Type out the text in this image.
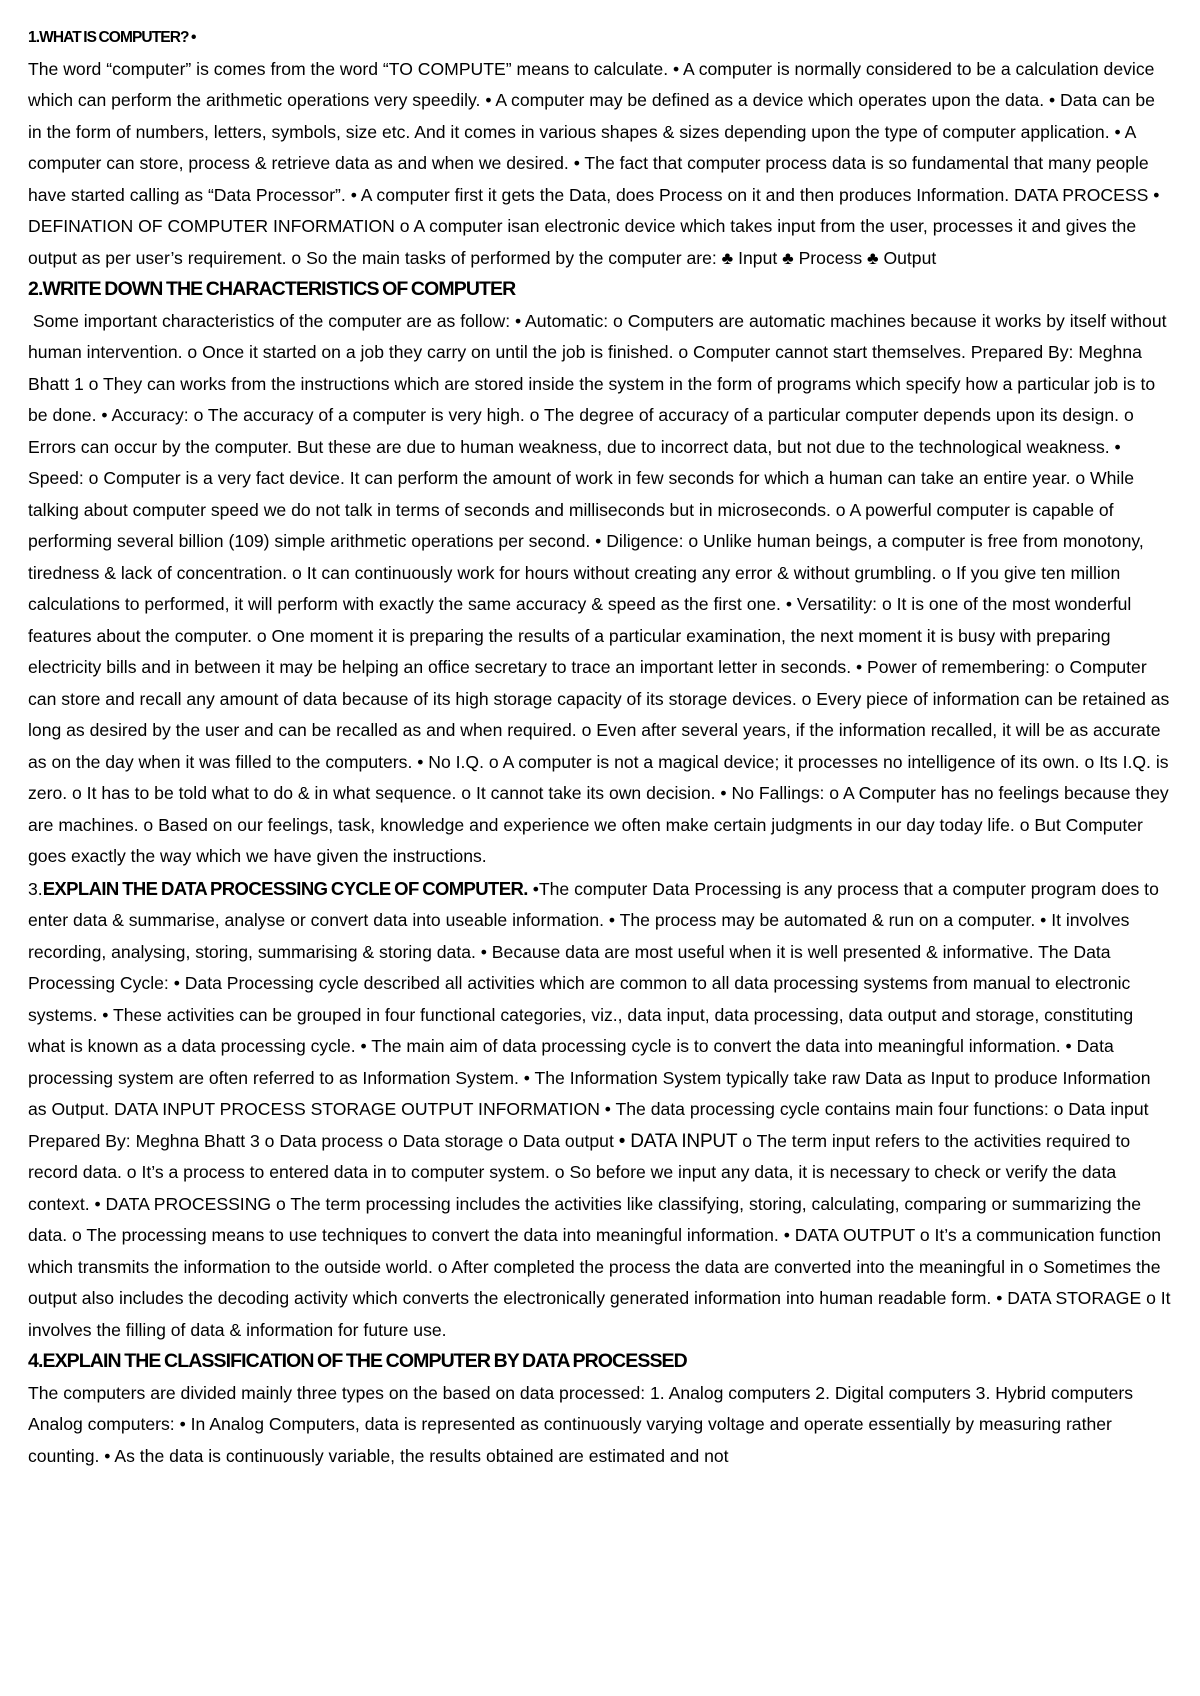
1.WHAT IS COMPUTER? •

The word “computer” is comes from the word “TO COMPUTE” means to calculate. • A computer is normally considered to be a calculation device which can perform the arithmetic operations very speedily. • A computer may be defined as a device which operates upon the data. • Data can be in the form of numbers, letters, symbols, size etc. And it comes in various shapes & sizes depending upon the type of computer application. • A computer can store, process & retrieve data as and when we desired. • The fact that computer process data is so fundamental that many people have started calling as “Data Processor”. • A computer first it gets the Data, does Process on it and then produces Information. DATA PROCESS • DEFINATION OF COMPUTER INFORMATION o A computer isan electronic device which takes input from the user, processes it and gives the output as per user’s requirement. o So the main tasks of performed by the computer are: ♣ Input ♣ Process ♣ Output

2.WRITE DOWN THE CHARACTERISTICS OF COMPUTER

Some important characteristics of the computer are as follow: • Automatic: o Computers are automatic machines because it works by itself without human intervention. o Once it started on a job they carry on until the job is finished. o Computer cannot start themselves. Prepared By: Meghna Bhatt 1 o They can works from the instructions which are stored inside the system in the form of programs which specify how a particular job is to be done. • Accuracy: o The accuracy of a computer is very high. o The degree of accuracy of a particular computer depends upon its design. o Errors can occur by the computer. But these are due to human weakness, due to incorrect data, but not due to the technological weakness. • Speed: o Computer is a very fact device. It can perform the amount of work in few seconds for which a human can take an entire year. o While talking about computer speed we do not talk in terms of seconds and milliseconds but in microseconds. o A powerful computer is capable of performing several billion (109) simple arithmetic operations per second. • Diligence: o Unlike human beings, a computer is free from monotony, tiredness & lack of concentration. o It can continuously work for hours without creating any error & without grumbling. o If you give ten million calculations to performed, it will perform with exactly the same accuracy & speed as the first one. • Versatility: o It is one of the most wonderful features about the computer. o One moment it is preparing the results of a particular examination, the next moment it is busy with preparing electricity bills and in between it may be helping an office secretary to trace an important letter in seconds. • Power of remembering: o Computer can store and recall any amount of data because of its high storage capacity of its storage devices. o Every piece of information can be retained as long as desired by the user and can be recalled as and when required. o Even after several years, if the information recalled, it will be as accurate as on the day when it was filled to the computers. • No I.Q. o A computer is not a magical device; it processes no intelligence of its own. o Its I.Q. is zero. o It has to be told what to do & in what sequence. o It cannot take its own decision. • No Fallings: o A Computer has no feelings because they are machines. o Based on our feelings, task, knowledge and experience we often make certain judgments in our day today life. o But Computer goes exactly the way which we have given the instructions.

3.EXPLAIN THE DATA PROCESSING CYCLE OF COMPUTER. •The computer Data Processing is any process that a computer program does to enter data & summarise, analyse or convert data into useable information. • The process may be automated & run on a computer. • It involves recording, analysing, storing, summarising & storing data. • Because data are most useful when it is well presented & informative. The Data Processing Cycle: • Data Processing cycle described all activities which are common to all data processing systems from manual to electronic systems. • These activities can be grouped in four functional categories, viz., data input, data processing, data output and storage, constituting what is known as a data processing cycle. • The main aim of data processing cycle is to convert the data into meaningful information. • Data processing system are often referred to as Information System. • The Information System typically take raw Data as Input to produce Information as Output. DATA INPUT PROCESS STORAGE OUTPUT INFORMATION • The data processing cycle contains main four functions: o Data input Prepared By: Meghna Bhatt 3 o Data process o Data storage o Data output • DATA INPUT o The term input refers to the activities required to record data. o It’s a process to entered data in to computer system. o So before we input any data, it is necessary to check or verify the data context. • DATA PROCESSING o The term processing includes the activities like classifying, storing, calculating, comparing or summarizing the data. o The processing means to use techniques to convert the data into meaningful information. • DATA OUTPUT o It’s a communication function which transmits the information to the outside world. o After completed the process the data are converted into the meaningful in o Sometimes the output also includes the decoding activity which converts the electronically generated information into human readable form. • DATA STORAGE o It involves the filling of data & information for future use.

4.EXPLAIN THE CLASSIFICATION OF THE COMPUTER BY DATA PROCESSED

The computers are divided mainly three types on the based on data processed: 1. Analog computers 2. Digital computers 3. Hybrid computers Analog computers: • In Analog Computers, data is represented as continuously varying voltage and operate essentially by measuring rather counting. • As the data is continuously variable, the results obtained are estimated and not
